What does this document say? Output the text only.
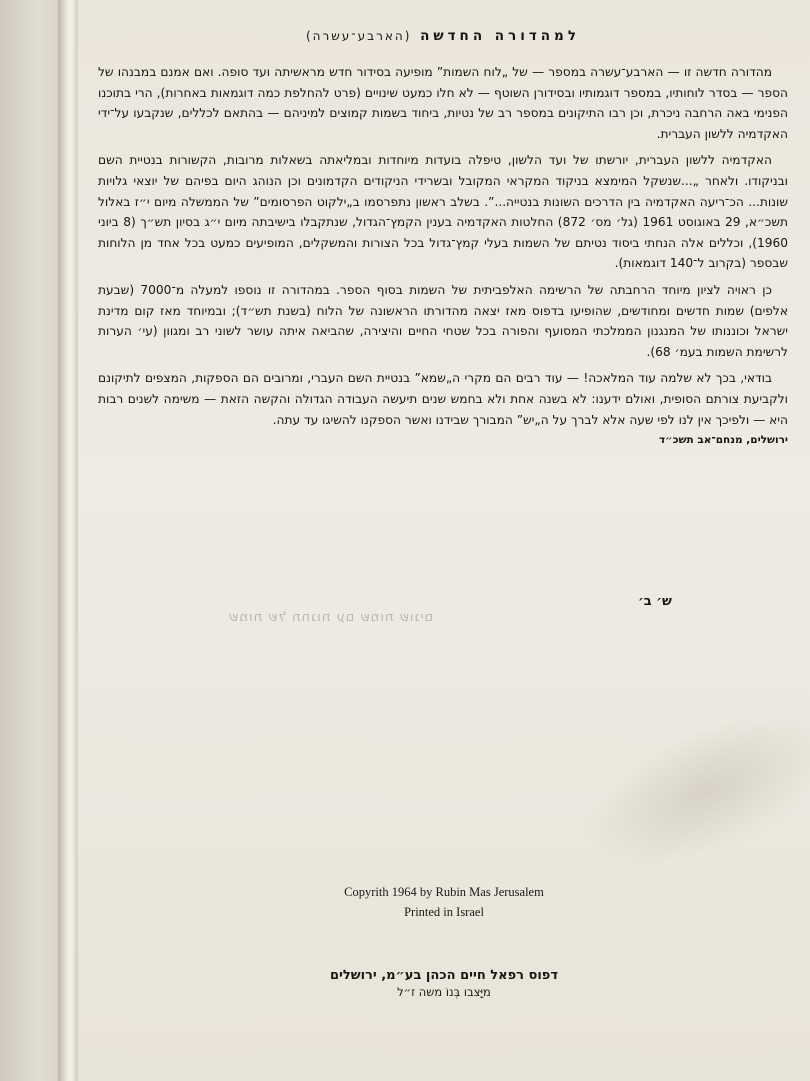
למהדורה החדשה (הארבע־עשרה)

מהדורה חדשה זו — הארבע־עשרה במספר — של „לוח השמות” מופיעה בסידור חדש מראשיתה ועד סופה. ואם אמנם במבנהו של הספר — בסדר לוחותיו, במספר דוגמותיו ובסידורן השוטף — לא חלו כמעט שינויים (פרט להחלפת כמה דוגמאות באחרות), הרי בתוכנו הפנימי באה הרחבה ניכרת, וכן רבו התיקונים במספר רב של נטיות, ביחוד בשמות קמוצים למיניהם — בהתאם לכללים, שנקבעו על־ידי האקדמיה ללשון העברית.

האקדמיה ללשון העברית, יורשתו של ועד הלשון, טיפלה בועדות מיוחדות ובמליאתה בשאלות מרובות, הקשורות בנטיית השם ובניקודו. ולאחר „...שנשקל המימצא בניקוד המקראי המקובל ובשרידי הניקודים הקדמונים וכן הנוהג היום בפיהם של יוצאי גלויות שונות... הכ־ריעה האקדמיה בין הדרכים השונות בנטייה...”. בשלב ראשון נתפרסמו ב„ילקוט הפרסומים” של הממשלה מיום י״ז באלול תשכ״א, 29 באוגוסט 1961 (גל׳ מס׳ 872) החלטות האקדמיה בענין הקמץ־הגדול, שנתקבלו בישיבתה מיום י״ג בסיון תש״ך (8 ביוני 1960), וכללים אלה הנחתי ביסוד נטיתם של השמות בעלי קמץ־גדול בכל הצורות והמשקלים, המופיעים כמעט בכל אחד מן הלוחות שבספר (בקרוב ל־140 דוגמאות).

כן ראויה לציון מיוחד הרחבתה של הרשימה האלפביתית של השמות בסוף הספר. במהדורה זו נוספו למעלה מ־7000 (שבעת אלפים) שמות חדשים ומחודשים, שהופיעו בדפוס מאז יצאה מהדורתו הראשונה של הלוח (בשנת תש״ד); ובמיוחד מאז קום מדינת ישראל וכוננותו של המנגנון הממלכתי המסועף והפורה בכל שטחי החיים והיצירה, שהביאה איתה עושר לשוני רב ומגוון (עי׳ הערות לרשימת השמות בעמ׳ 68).

בודאי, בכך לא שלמה עוד המלאכה! — עוד רבים הם מקרי ה„שמא” בנטיית השם העברי, ומרובים הם הספקות, המצפים לתיקונם ולקביעת צורתם הסופית, ואולם ידענו: לא בשנה אחת ולא בחמש שנים תיעשה העבודה הגדולה והקשה הזאת — משימה לשנים רבות היא — ולפיכך אין לנו לפי שעה אלא לברך על ה„יש” המבורך שבידנו ואשר הספקנו להשיגו עד עתה.

ירושלים, מנחם־אב תשכ״ד
ש׳ ב׳
שמות של תחנות עם שמות שונים
Copyrith 1964 by Rubin Mas Jerusalem
Printed in Israel
דפוס רפאל חיים הכהן בע״מ, ירושלים
מיָּצבו בְּנוֹ משה ז״ל
